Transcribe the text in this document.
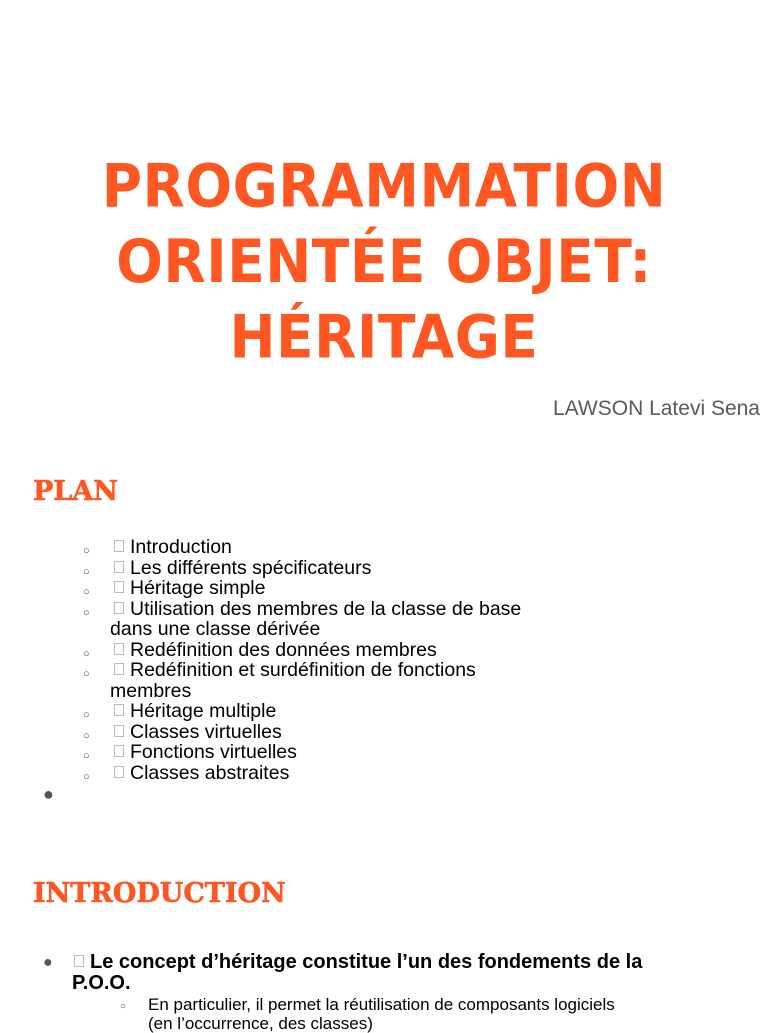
PROGRAMMATION
ORIENTÉE OBJET:
HÉRITAGE
LAWSON Latevi Sena
PLAN
○ Introduction
○ Les différents spécificateurs
○ Héritage simple
○ Utilisation des membres de la classe de base
dans une classe dérivée
○ Redéfinition des données membres
○ Redéfinition et surdéfinition de fonctions
membres
○ Héritage multiple
○ Classes virtuelles
○ Fonctions virtuelles
○ Classes abstraites
●
INTRODUCTION
● Le concept d’héritage constitue l’un des fondements de la P.O.O.
○ En particulier, il permet la réutilisation de composants logiciels (en l’occurrence, des classes)
